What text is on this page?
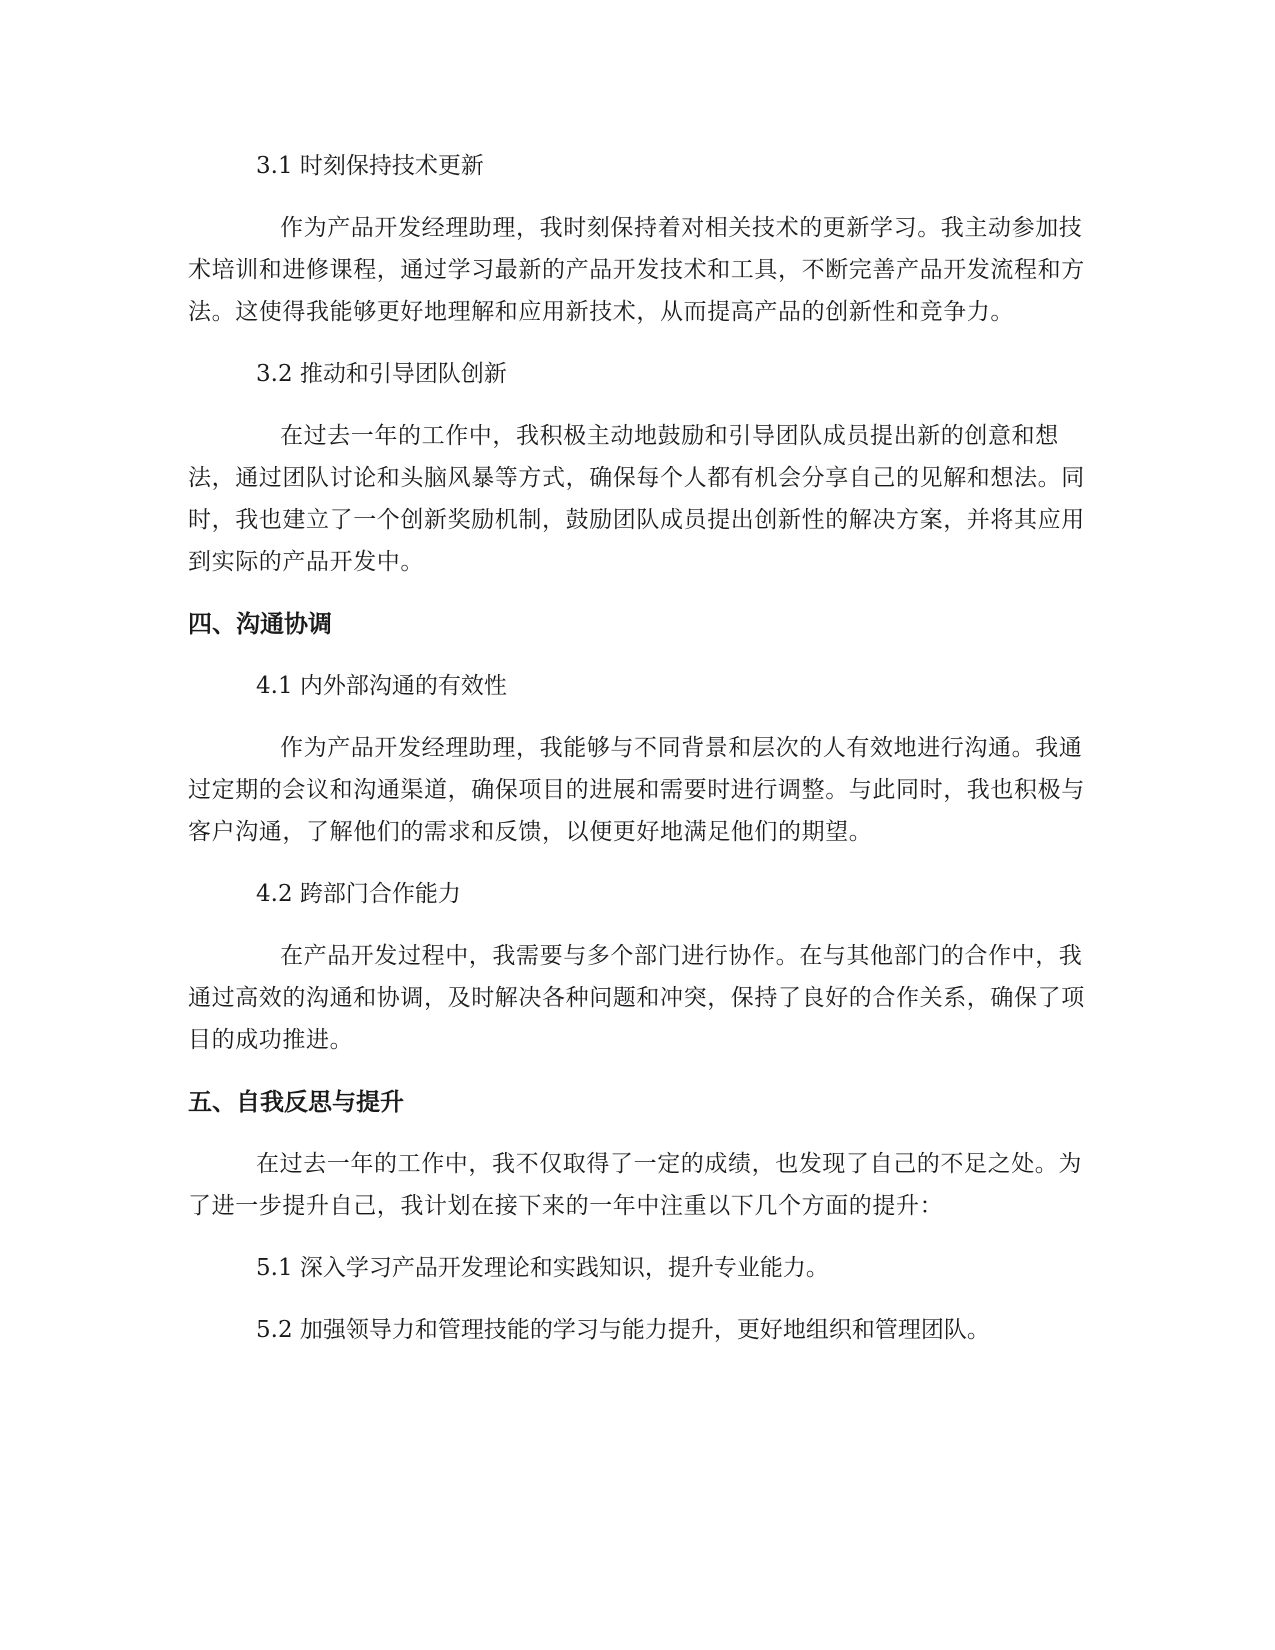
3.1 时刻保持技术更新

作为产品开发经理助理，我时刻保持着对相关技术的更新学习。我主动参加技术培训和进修课程，通过学习最新的产品开发技术和工具，不断完善产品开发流程和方法。这使得我能够更好地理解和应用新技术，从而提高产品的创新性和竞争力。

3.2 推动和引导团队创新

在过去一年的工作中，我积极主动地鼓励和引导团队成员提出新的创意和想法，通过团队讨论和头脑风暴等方式，确保每个人都有机会分享自己的见解和想法。同时，我也建立了一个创新奖励机制，鼓励团队成员提出创新性的解决方案，并将其应用到实际的产品开发中。

四、沟通协调

4.1 内外部沟通的有效性

作为产品开发经理助理，我能够与不同背景和层次的人有效地进行沟通。我通过定期的会议和沟通渠道，确保项目的进展和需要时进行调整。与此同时，我也积极与客户沟通，了解他们的需求和反馈，以便更好地满足他们的期望。

4.2 跨部门合作能力

在产品开发过程中，我需要与多个部门进行协作。在与其他部门的合作中，我通过高效的沟通和协调，及时解决各种问题和冲突，保持了良好的合作关系，确保了项目的成功推进。

五、自我反思与提升

在过去一年的工作中，我不仅取得了一定的成绩，也发现了自己的不足之处。为了进一步提升自己，我计划在接下来的一年中注重以下几个方面的提升：

5.1 深入学习产品开发理论和实践知识，提升专业能力。

5.2 加强领导力和管理技能的学习与能力提升，更好地组织和管理团队。
